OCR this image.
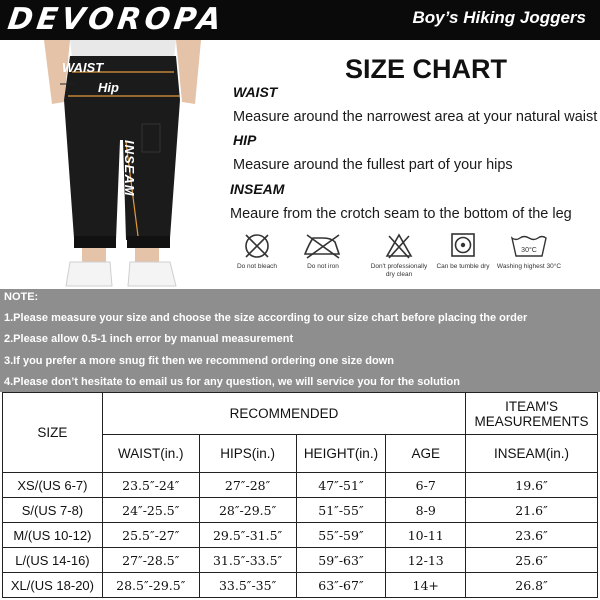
DEVOROPA	Boy’s Hiking Joggers
WAIST
Hip
INSEAM
SIZE CHART
WAIST
Measure around the narrowest area at your natural waist
HIP
Measure around the fullest part of your hips
INSEAM
Meaure from the crotch seam to the bottom of the leg
Do not bleach	Do not iron	Don't professionally dry clean
Can be tumble dry
30°C
Washing highest 30°C
NOTE:
1.Please measure your size and choose the size according to our size chart before placing the order
2.Please allow 0.5-1 inch error by manual measurement
3.If you prefer a more snug fit then we recommend ordering one size down
4.Please don’t hesitate to email us for any question, we will service you for the solution
SIZE	RECOMMENDED				ITEAM'S MEASUREMENTS
	WAIST(in.)	HIPS(in.)	HEIGHT(in.)	AGE	INSEAM(in.)
XS/(US 6-7)	23.5″-24″	27″-28″	47″-51″	6-7	19.6″
S/(US 7-8)	24″-25.5″	28″-29.5″	51″-55″	8-9	21.6″
M/(US 10-12)	25.5″-27″	29.5″-31.5″	55″-59″	10-11	23.6″
L/(US 14-16)	27″-28.5″	31.5″-33.5″	59″-63″	12-13	25.6″
XL/(US 18-20)	28.5″-29.5″	33.5″-35″	63″-67″	14+	26.8″
